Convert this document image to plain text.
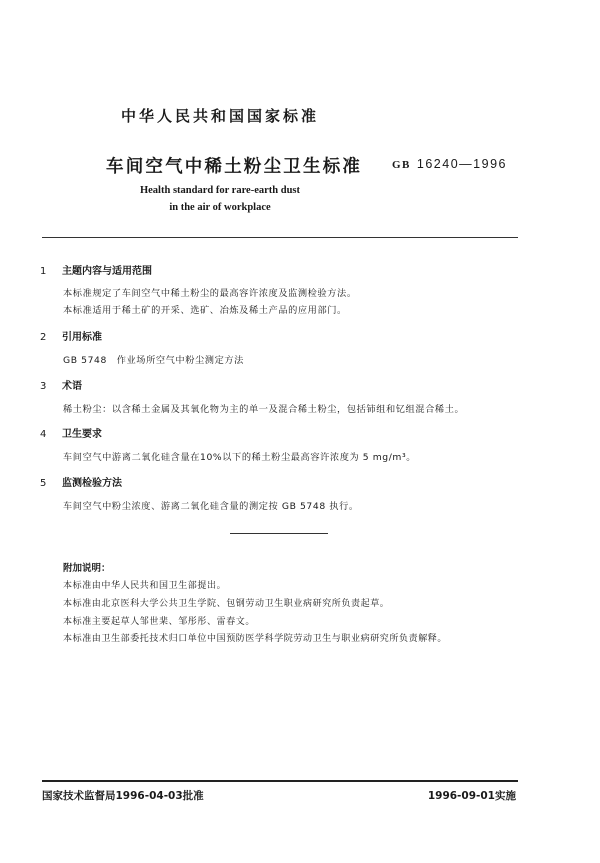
中华人民共和国国家标准
车间空气中稀土粉尘卫生标准	GB 16240—1996
Health standard for rare-earth dust
in the air of workplace
1 主题内容与适用范围
本标准规定了车间空气中稀土粉尘的最高容许浓度及监测检验方法。
本标准适用于稀土矿的开采、选矿、冶炼及稀土产品的应用部门。
2 引用标准
GB 5748　作业场所空气中粉尘测定方法
3 术语
稀土粉尘：以含稀土金属及其氧化物为主的单一及混合稀土粉尘，包括铈组和钇组混合稀土。
4 卫生要求
车间空气中游离二氧化硅含量在10%以下的稀土粉尘最高容许浓度为 5 mg/m³。
5 监测检验方法
车间空气中粉尘浓度、游离二氧化硅含量的测定按 GB 5748 执行。
附加说明：
本标准由中华人民共和国卫生部提出。
本标准由北京医科大学公共卫生学院、包钢劳动卫生职业病研究所负责起草。
本标准主要起草人邹世棐、邹彤彤、雷春文。
本标准由卫生部委托技术归口单位中国预防医学科学院劳动卫生与职业病研究所负责解释。
国家技术监督局1996-04-03批准	1996-09-01实施
